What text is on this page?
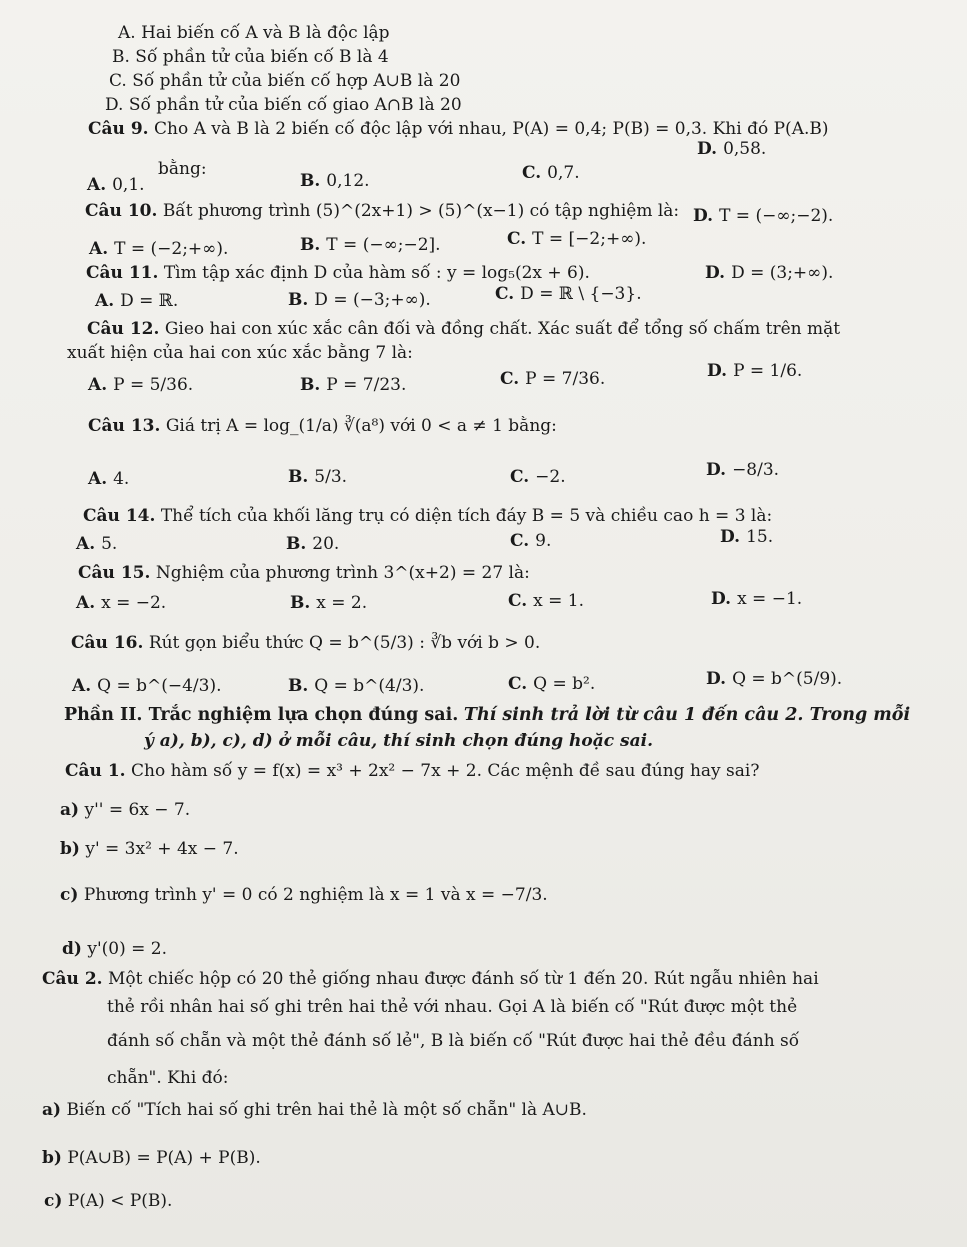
A. Hai biến cố A và B là độc lập
B. Số phần tử của biến cố B là 4
C. Số phần tử của biến cố hợp A∪B là 20
D. Số phần tử của biến cố giao A∩B là 20
Câu 9. Cho A và B là 2 biến cố độc lập với nhau, P(A) = 0,4; P(B) = 0,3. Khi đó P(A.B)
bằng:
A. 0,1.	B. 0,12.	C. 0,7.
D. 0,58.
Câu 10. Bất phương trình (5)^(2x+1) > (5)^(x−1) có tập nghiệm là:
A. T = (−2;+∞).	B. T = (−∞;−2].	C. T = [−2;+∞).
D. T = (−∞;−2).
Câu 11. Tìm tập xác định D của hàm số : y = log₅(2x + 6).
A. D = ℝ.	B. D = (−3;+∞).	C. D = ℝ \ {−3}.
D. D = (3;+∞).
Câu 12. Gieo hai con xúc xắc cân đối và đồng chất. Xác suất để tổng số chấm trên mặt
xuất hiện của hai con xúc xắc bằng 7 là:
A. P = 5/36.	B. P = 7/23.	C. P = 7/36.	D. P = 1/6.
Câu 13. Giá trị A = log_(1/a) ∛(a⁸) với 0 < a ≠ 1 bằng:
A. 4.	B. 5/3.	C. −2.	D. −8/3.
Câu 14. Thể tích của khối lăng trụ có diện tích đáy B = 5 và chiều cao h = 3 là:
A. 5.	B. 20.	C. 9.	D. 15.
Câu 15. Nghiệm của phương trình 3^(x+2) = 27 là:
A. x = −2.	B. x = 2.	C. x = 1.	D. x = −1.
Câu 16. Rút gọn biểu thức Q = b^(5/3) : ∛b với b > 0.
A. Q = b^(−4/3).	B. Q = b^(4/3).	C. Q = b².	D. Q = b^(5/9).
Phần II. Trắc nghiệm lựa chọn đúng sai. Thí sinh trả lời từ câu 1 đến câu 2. Trong mỗi
ý a), b), c), d) ở mỗi câu, thí sinh chọn đúng hoặc sai.
Câu 1. Cho hàm số y = f(x) = x³ + 2x² − 7x + 2. Các mệnh đề sau đúng hay sai?
a) y'' = 6x − 7.
b) y' = 3x² + 4x − 7.
c) Phương trình y' = 0 có 2 nghiệm là x = 1 và x = −7/3.
d) y'(0) = 2.
Câu 2. Một chiếc hộp có 20 thẻ giống nhau được đánh số từ 1 đến 20. Rút ngẫu nhiên hai
thẻ rồi nhân hai số ghi trên hai thẻ với nhau. Gọi A là biến cố "Rút được một thẻ
đánh số chẵn và một thẻ đánh số lẻ", B là biến cố "Rút được hai thẻ đều đánh số
chẵn". Khi đó:
a) Biến cố "Tích hai số ghi trên hai thẻ là một số chẵn" là A∪B.
b) P(A∪B) = P(A) + P(B).
c) P(A) < P(B).
